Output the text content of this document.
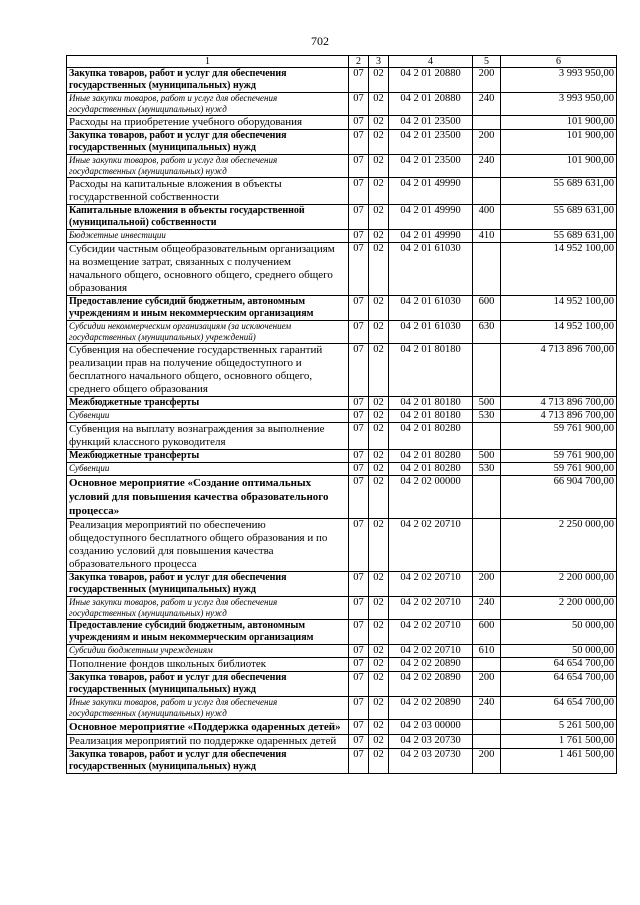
702
1	2	3	4	5	6
Закупка товаров, работ и услуг для обеспечения государственных (муниципальных) нужд	07	02	04 2 01 20880	200	3 993 950,00
Иные закупки товаров, работ и услуг для обеспечения государственных (муниципальных) нужд	07	02	04 2 01 20880	240	3 993 950,00
Расходы на приобретение учебного оборудования	07	02	04 2 01 23500		101 900,00
Закупка товаров, работ и услуг для обеспечения государственных (муниципальных) нужд	07	02	04 2 01 23500	200	101 900,00
Иные закупки товаров, работ и услуг для обеспечения государственных (муниципальных) нужд	07	02	04 2 01 23500	240	101 900,00
Расходы на капитальные вложения в объекты государственной собственности	07	02	04 2 01 49990		55 689 631,00
Капитальные вложения в объекты государственной (муниципальной) собственности	07	02	04 2 01 49990	400	55 689 631,00
Бюджетные инвестиции	07	02	04 2 01 49990	410	55 689 631,00
Субсидии частным общеобразовательным организациям на возмещение затрат, связанных с получением начального общего, основного общего, среднего общего образования	07	02	04 2 01 61030		14 952 100,00
Предоставление субсидий бюджетным, автономным учреждениям и иным некоммерческим организациям	07	02	04 2 01 61030	600	14 952 100,00
Субсидии некоммерческим организациям (за исключением государственных (муниципальных) учреждений)	07	02	04 2 01 61030	630	14 952 100,00
Субвенция на обеспечение государственных гарантий реализации прав на получение общедоступного и бесплатного начального общего, основного общего, среднего общего образования	07	02	04 2 01 80180		4 713 896 700,00
Межбюджетные трансферты	07	02	04 2 01 80180	500	4 713 896 700,00
Субвенции	07	02	04 2 01 80180	530	4 713 896 700,00
Субвенция на выплату вознаграждения за выполнение функций классного руководителя	07	02	04 2 01 80280		59 761 900,00
Межбюджетные трансферты	07	02	04 2 01 80280	500	59 761 900,00
Субвенции	07	02	04 2 01 80280	530	59 761 900,00
Основное мероприятие «Создание оптимальных условий для повышения качества образовательного процесса»	07	02	04 2 02 00000		66 904 700,00
Реализация мероприятий по обеспечению общедоступного бесплатного общего образования и по созданию условий для повышения качества образовательного процесса	07	02	04 2 02 20710		2 250 000,00
Закупка товаров, работ и услуг для обеспечения государственных (муниципальных) нужд	07	02	04 2 02 20710	200	2 200 000,00
Иные закупки товаров, работ и услуг для обеспечения государственных (муниципальных) нужд	07	02	04 2 02 20710	240	2 200 000,00
Предоставление субсидий бюджетным, автономным учреждениям и иным некоммерческим организациям	07	02	04 2 02 20710	600	50 000,00
Субсидии бюджетным учреждениям	07	02	04 2 02 20710	610	50 000,00
Пополнение фондов школьных библиотек	07	02	04 2 02 20890		64 654 700,00
Закупка товаров, работ и услуг для обеспечения государственных (муниципальных) нужд	07	02	04 2 02 20890	200	64 654 700,00
Иные закупки товаров, работ и услуг для обеспечения государственных (муниципальных) нужд	07	02	04 2 02 20890	240	64 654 700,00
Основное мероприятие «Поддержка одаренных детей»	07	02	04 2 03 00000		5 261 500,00
Реализация мероприятий по поддержке одаренных детей	07	02	04 2 03 20730		1 761 500,00
Закупка товаров, работ и услуг для обеспечения государственных (муниципальных) нужд	07	02	04 2 03 20730	200	1 461 500,00
